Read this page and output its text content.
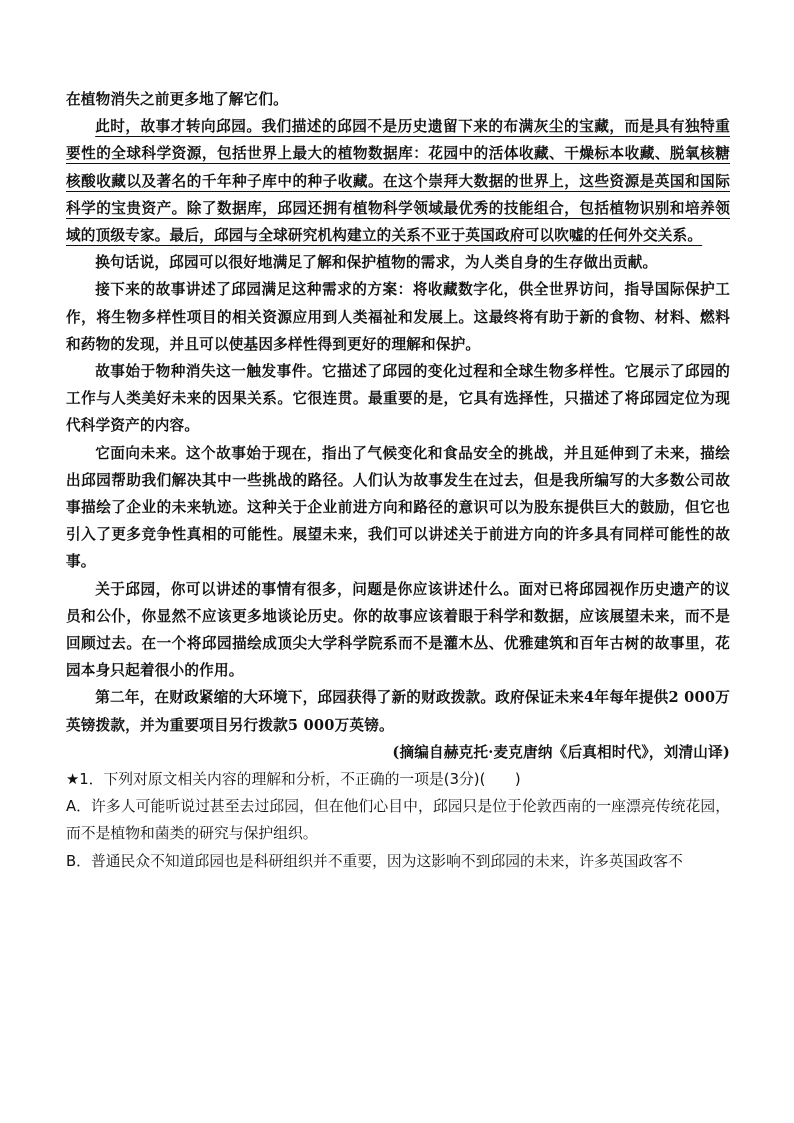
在植物消失之前更多地了解它们。

此时，故事才转向邱园。我们描述的邱园不是历史遗留下来的布满灰尘的宝藏，而是具有独特重要性的全球科学资源，包括世界上最大的植物数据库：花园中的活体收藏、干燥标本收藏、脱氧核糖核酸收藏以及著名的千年种子库中的种子收藏。在这个崇拜大数据的世界上，这些资源是英国和国际科学的宝贵资产。除了数据库，邱园还拥有植物科学领域最优秀的技能组合，包括植物识别和培养领域的顶级专家。最后，邱园与全球研究机构建立的关系不亚于英国政府可以吹嘘的任何外交关系。

换句话说，邱园可以很好地满足了解和保护植物的需求，为人类自身的生存做出贡献。

接下来的故事讲述了邱园满足这种需求的方案：将收藏数字化，供全世界访问，指导国际保护工作，将生物多样性项目的相关资源应用到人类福祉和发展上。这最终将有助于新的食物、材料、燃料和药物的发现，并且可以使基因多样性得到更好的理解和保护。

故事始于物种消失这一触发事件。它描述了邱园的变化过程和全球生物多样性。它展示了邱园的工作与人类美好未来的因果关系。它很连贯。最重要的是，它具有选择性，只描述了将邱园定位为现代科学资产的内容。

它面向未来。这个故事始于现在，指出了气候变化和食品安全的挑战，并且延伸到了未来，描绘出邱园帮助我们解决其中一些挑战的路径。人们认为故事发生在过去，但是我所编写的大多数公司故事描绘了企业的未来轨迹。这种关于企业前进方向和路径的意识可以为股东提供巨大的鼓励，但它也引入了更多竞争性真相的可能性。展望未来，我们可以讲述关于前进方向的许多具有同样可能性的故事。

关于邱园，你可以讲述的事情有很多，问题是你应该讲述什么。面对已将邱园视作历史遗产的议员和公仆，你显然不应该更多地谈论历史。你的故事应该着眼于科学和数据，应该展望未来，而不是回顾过去。在一个将邱园描绘成顶尖大学科学院系而不是灌木丛、优雅建筑和百年古树的故事里，花园本身只起着很小的作用。

第二年，在财政紧缩的大环境下，邱园获得了新的财政拨款。政府保证未来4年每年提供2 000万英镑拨款，并为重要项目另行拨款5 000万英镑。

(摘编自赫克托·麦克唐纳《后真相时代》，刘清山译)

★1．下列对原文相关内容的理解和分析，不正确的一项是(3分)(　　)

A．许多人可能听说过甚至去过邱园，但在他们心目中，邱园只是位于伦敦西南的一座漂亮传统花园，而不是植物和菌类的研究与保护组织。

B．普通民众不知道邱园也是科研组织并不重要，因为这影响不到邱园的未来，许多英国政客不
